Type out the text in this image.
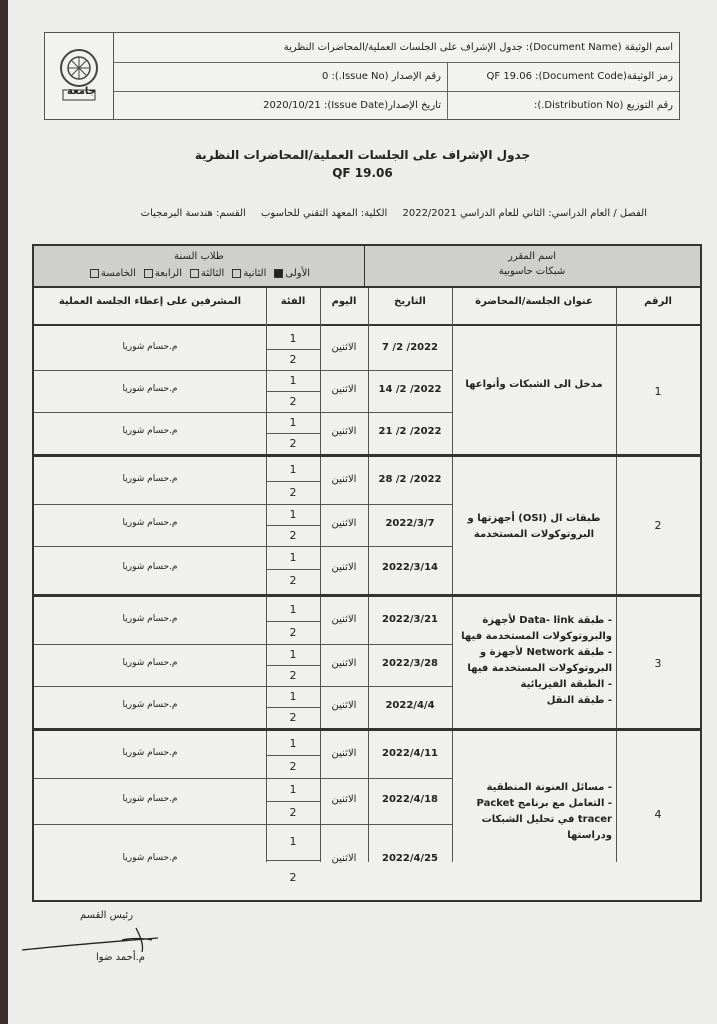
جامعة
اسم الوثيقة (Document Name): جدول الإشراف على الجلسات العملية/المحاضرات النظرية
رمز الوثيقة(Document Code): QF 19.06
رقم الإصدار (Issue No.): 0
رقم التوزيع (Distribution No.):
تاريخ الإصدار(Issue Date): 2020/10/21
جدول الإشراف على الجلسات العملية/المحاضرات النظرية
QF 19.06
الفصل / العام الدراسي: الثاني للعام الدراسي 2022/2021 الكلية: المعهد التقني للحاسوب القسم: هندسة البرمجيات
اسم المقرر
شبكات حاسوبية
طلاب السنة
الأولىالثانيةالثالثةالرابعةالخامسة
الرقم
عنوان الجلسة/المحاضرة
التاريخ
اليوم
الفئة
المشرفين على إعطاء الجلسة العملية
1
مدخل الى الشبكات وأنواعها
2022/ 2/ 7
الاثنين
م.حسام شوريا
1
2
2022/ 2/ 14
الاثنين
م.حسام شوريا
1
2
2022/ 2/ 21
الاثنين
م.حسام شوريا
1
2
2
طبقات ال (OSI) أجهزتها و البروتوكولات المستخدمة
2022/ 2/ 28
الاثنين
م.حسام شوريا
1
2
2022/3/7
الاثنين
م.حسام شوريا
1
2
2022/3/14
الاثنين
م.حسام شوريا
1
2
3
- طبقة Data- link لأجهزة
والبروتوكولات المستخدمة فيها
- طبقة Network لأجهزة و
البروتوكولات المستخدمة فيها
- الطبقة الفيزيائية
- طبقة النقل
2022/3/21
الاثنين
م.حسام شوريا
1
2
2022/3/28
الاثنين
م.حسام شوريا
1
2
2022/4/4
الاثنين
م.حسام شوريا
1
2
4
- مسائل العنونة المنطقية
- التعامل مع برنامج Packet
tracer في تحليل الشبكات
ودراستها
2022/4/11
الاثنين
م.حسام شوريا
1
2
2022/4/18
الاثنين
م.حسام شوريا
1
2
2022/4/25
الاثنين
م.حسام شوريا
1
2
رئيس القسم
م.أحمد ضوا
